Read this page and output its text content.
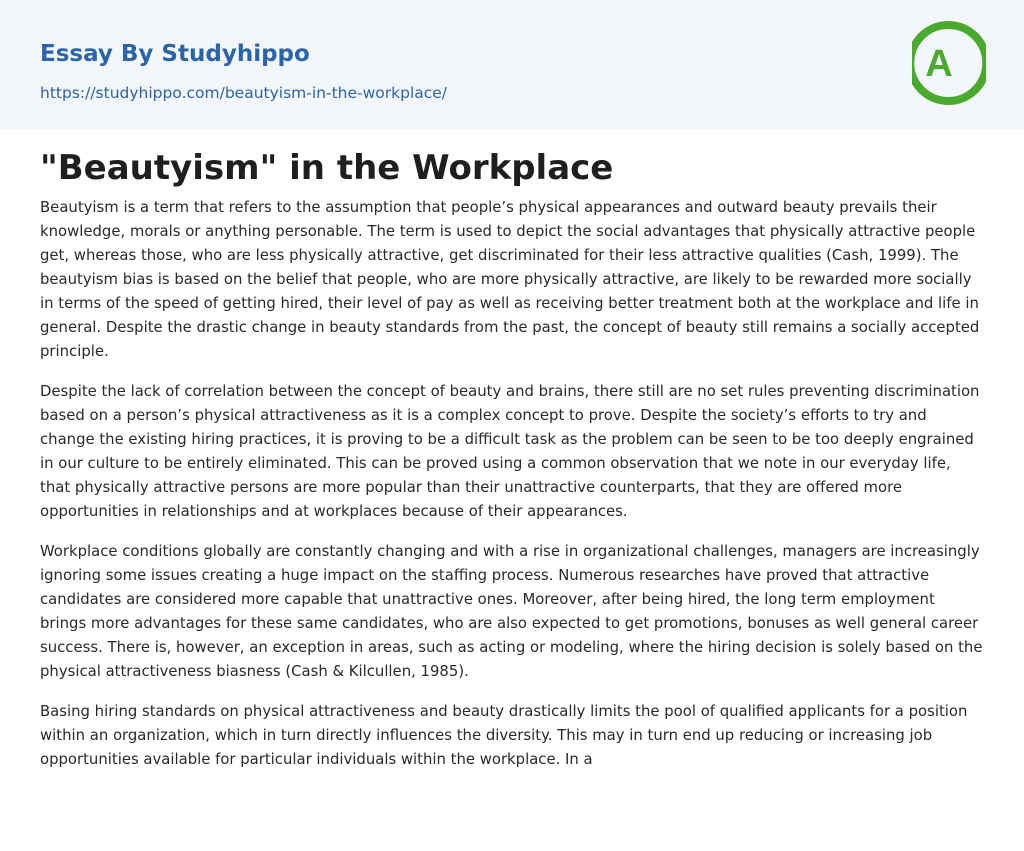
Essay By Studyhippo
https://studyhippo.com/beautyism-in-the-workplace/
A
"Beautyism" in the Workplace

Beautyism is a term that refers to the assumption that people’s physical appearances and outward beauty prevails their knowledge, morals or anything personable. The term is used to depict the social advantages that physically attractive people get, whereas those, who are less physically attractive, get discriminated for their less attractive qualities (Cash, 1999). The beautyism bias is based on the belief that people, who are more physically attractive, are likely to be rewarded more socially in terms of the speed of getting hired, their level of pay as well as receiving better treatment both at the workplace and life in general. Despite the drastic change in beauty standards from the past, the concept of beauty still remains a socially accepted principle.

Despite the lack of correlation between the concept of beauty and brains, there still are no set rules preventing discrimination based on a person’s physical attractiveness as it is a complex concept to prove. Despite the society’s efforts to try and change the existing hiring practices, it is proving to be a difficult task as the problem can be seen to be too deeply engrained in our culture to be entirely eliminated. This can be proved using a common observation that we note in our everyday life, that physically attractive persons are more popular than their unattractive counterparts, that they are offered more opportunities in relationships and at workplaces because of their appearances.

Workplace conditions globally are constantly changing and with a rise in organizational challenges, managers are increasingly ignoring some issues creating a huge impact on the staffing process. Numerous researches have proved that attractive candidates are considered more capable that unattractive ones. Moreover, after being hired, the long term employment brings more advantages for these same candidates, who are also expected to get promotions, bonuses as well general career success. There is, however, an exception in areas, such as acting or modeling, where the hiring decision is solely based on the physical attractiveness biasness (Cash & Kilcullen, 1985).

Basing hiring standards on physical attractiveness and beauty drastically limits the pool of qualified applicants for a position within an organization, which in turn directly influences the diversity. This may in turn end up reducing or increasing job opportunities available for particular individuals within the workplace. In a
